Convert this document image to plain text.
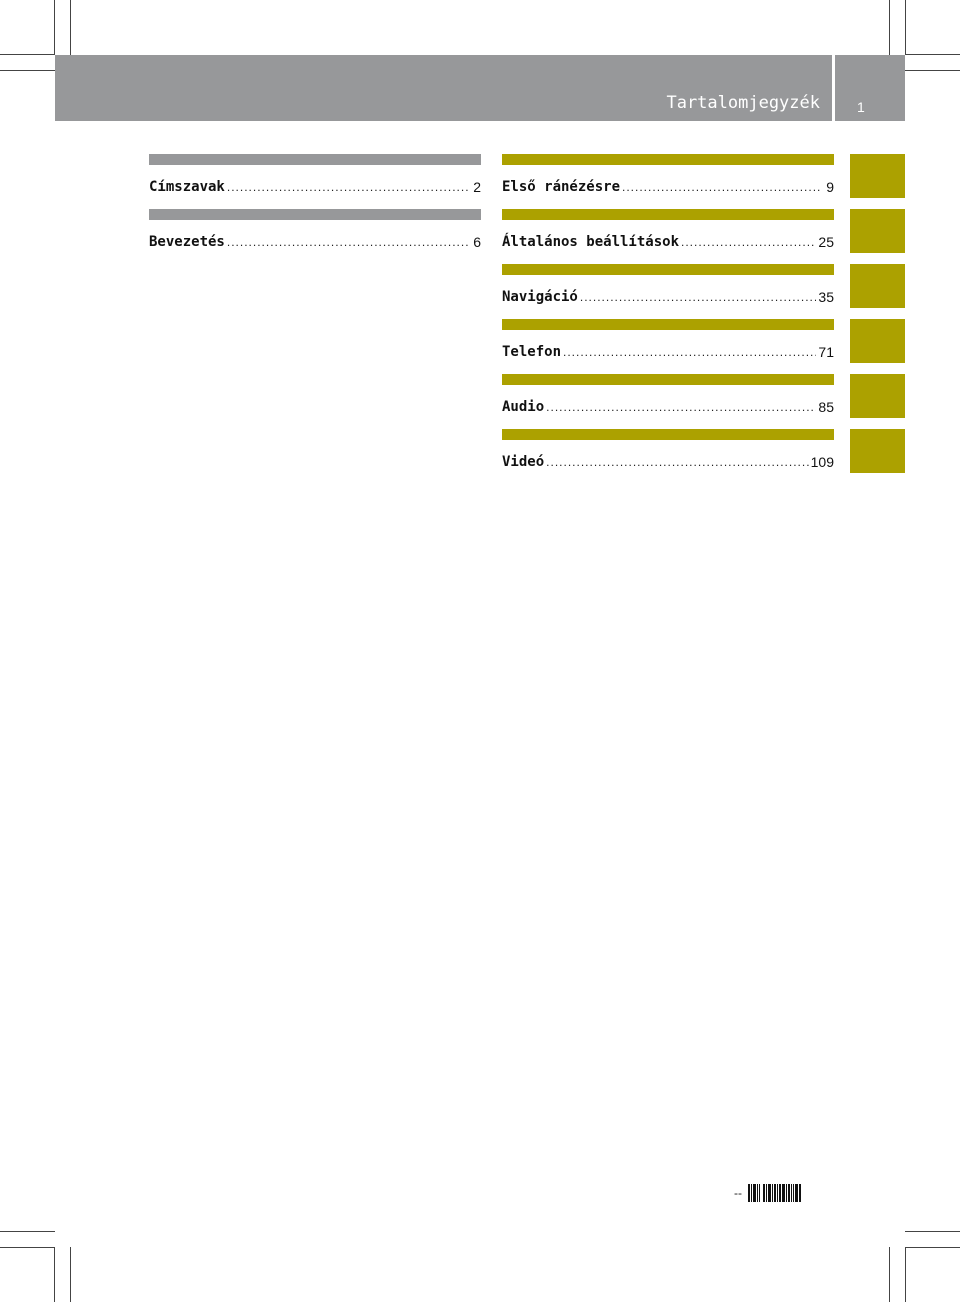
Tartalomjegyzék	1
Címszavak .....	2
Bevezetés .....	6
Első ránézésre .....	9
Általános beállítások .....	25
Navigáció .....	35
Telefon .....	71
Audio .....	85
Videó .....	109
--
